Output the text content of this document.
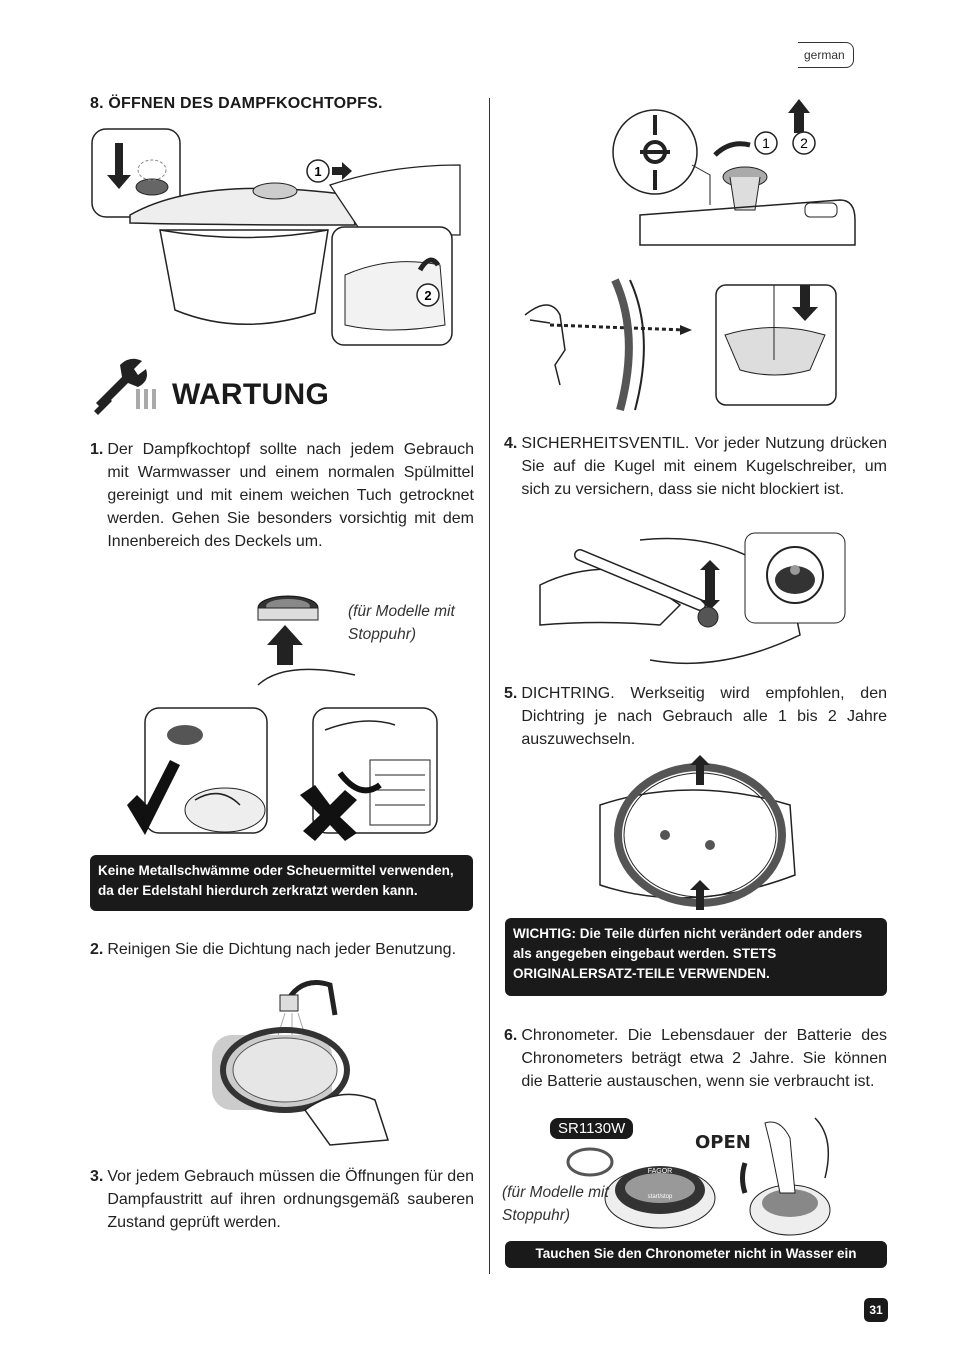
german
8. ÖFFNEN DES DAMPFKOCHTOPFS.
1
2
WARTUNG
1. Der Dampfkochtopf sollte nach jedem Gebrauch mit Warmwasser und einem normalen Spülmittel gereinigt und mit einem weichen Tuch getrocknet werden. Gehen Sie besonders vorsichtig mit dem Innenbereich des Deckels um.
(für Modelle mit Stoppuhr)
Keine Metallschwämme oder Scheuermittel verwenden, da der Edelstahl hierdurch zerkratzt werden kann.
2. Reinigen Sie die Dichtung nach jeder Benutzung.
3. Vor jedem Gebrauch müssen die Öffnungen für den Dampfaustritt auf ihren ordnungsgemäß sauberen Zustand geprüft werden.
1 2
4. SICHERHEITSVENTIL. Vor jeder Nutzung drücken Sie auf die Kugel mit einem Kugelschreiber, um sich zu versichern, dass sie nicht blockiert ist.
5. DICHTRING. Werkseitig wird empfohlen, den Dichtring je nach Gebrauch alle 1 bis 2 Jahre auszuwechseln.
WICHTIG: Die Teile dürfen nicht verändert oder anders als angegeben eingebaut werden. STETS ORIGINALERSATZ-TEILE VERWENDEN.
6. Chronometer. Die Lebensdauer der Batterie des Chronometers beträgt etwa 2 Jahre. Sie können die Batterie austauschen, wenn sie verbraucht ist.
SR1130W
FAGOR
start/stop
OPEN
(für Modelle mit Stoppuhr)
Tauchen Sie den Chronometer nicht in Wasser ein
31
